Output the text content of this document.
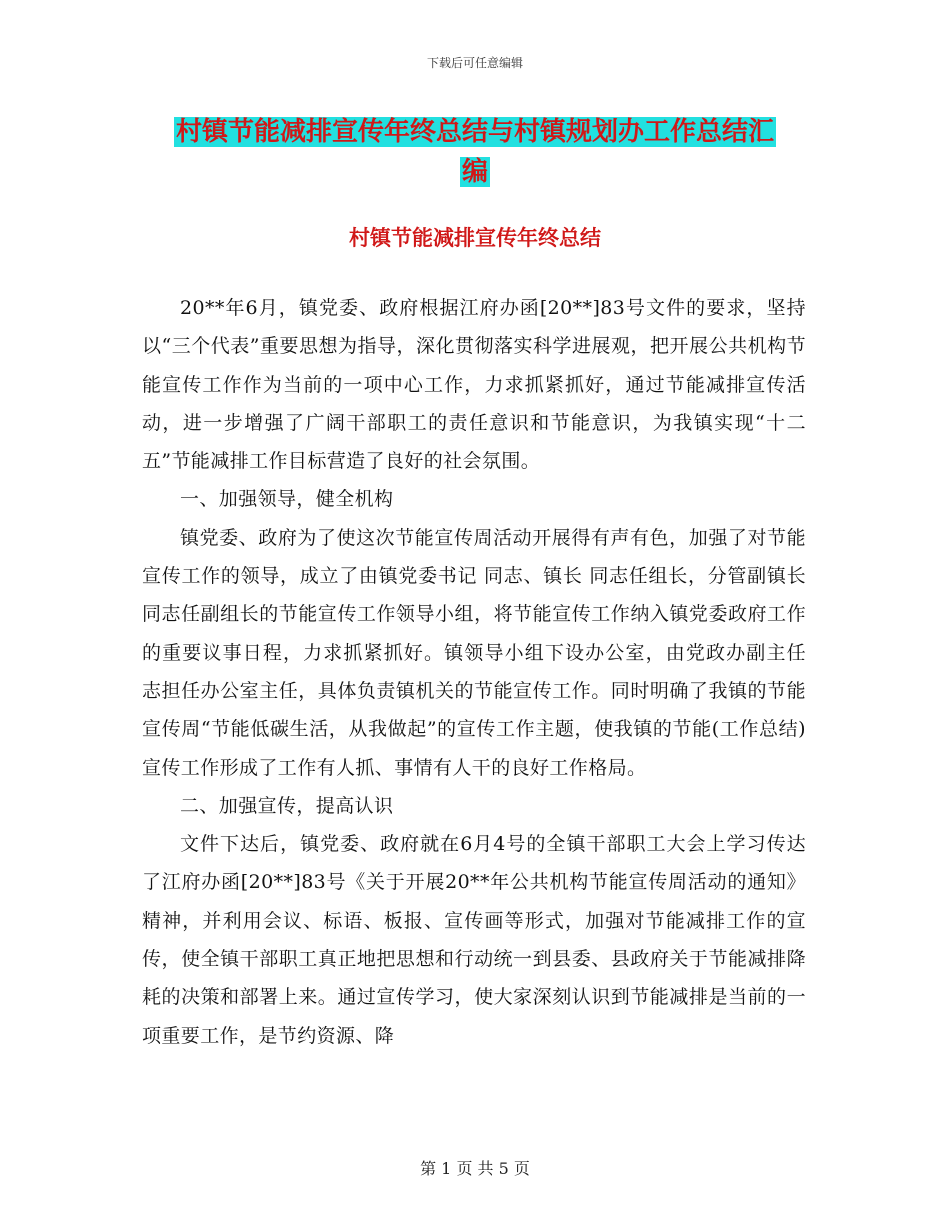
下载后可任意编辑
村镇节能减排宣传年终总结与村镇规划办工作总结汇
编
村镇节能减排宣传年终总结

20**年6月，镇党委、政府根据江府办函[20**]83号文件的要求，坚持以“三个代表”重要思想为指导，深化贯彻落实科学进展观，把开展公共机构节能宣传工作作为当前的一项中心工作，力求抓紧抓好，通过节能减排宣传活动，进一步增强了广阔干部职工的责任意识和节能意识，为我镇实现“十二五”节能减排工作目标营造了良好的社会氛围。

一、加强领导，健全机构

镇党委、政府为了使这次节能宣传周活动开展得有声有色，加强了对节能宣传工作的领导，成立了由镇党委书记 同志、镇长 同志任组长，分管副镇长 同志任副组长的节能宣传工作领导小组，将节能宣传工作纳入镇党委政府工作的重要议事日程，力求抓紧抓好。镇领导小组下设办公室，由党政办副主任 志担任办公室主任，具体负责镇机关的节能宣传工作。同时明确了我镇的节能宣传周“节能低碳生活，从我做起”的宣传工作主题，使我镇的节能(工作总结)宣传工作形成了工作有人抓、事情有人干的良好工作格局。

二、加强宣传，提高认识

文件下达后，镇党委、政府就在6月4号的全镇干部职工大会上学习传达了江府办函[20**]83号《关于开展20**年公共机构节能宣传周活动的通知》精神，并利用会议、标语、板报、宣传画等形式，加强对节能减排工作的宣传，使全镇干部职工真正地把思想和行动统一到县委、县政府关于节能减排降耗的决策和部署上来。通过宣传学习，使大家深刻认识到节能减排是当前的一项重要工作，是节约资源、降

第 1 页 共 5 页
